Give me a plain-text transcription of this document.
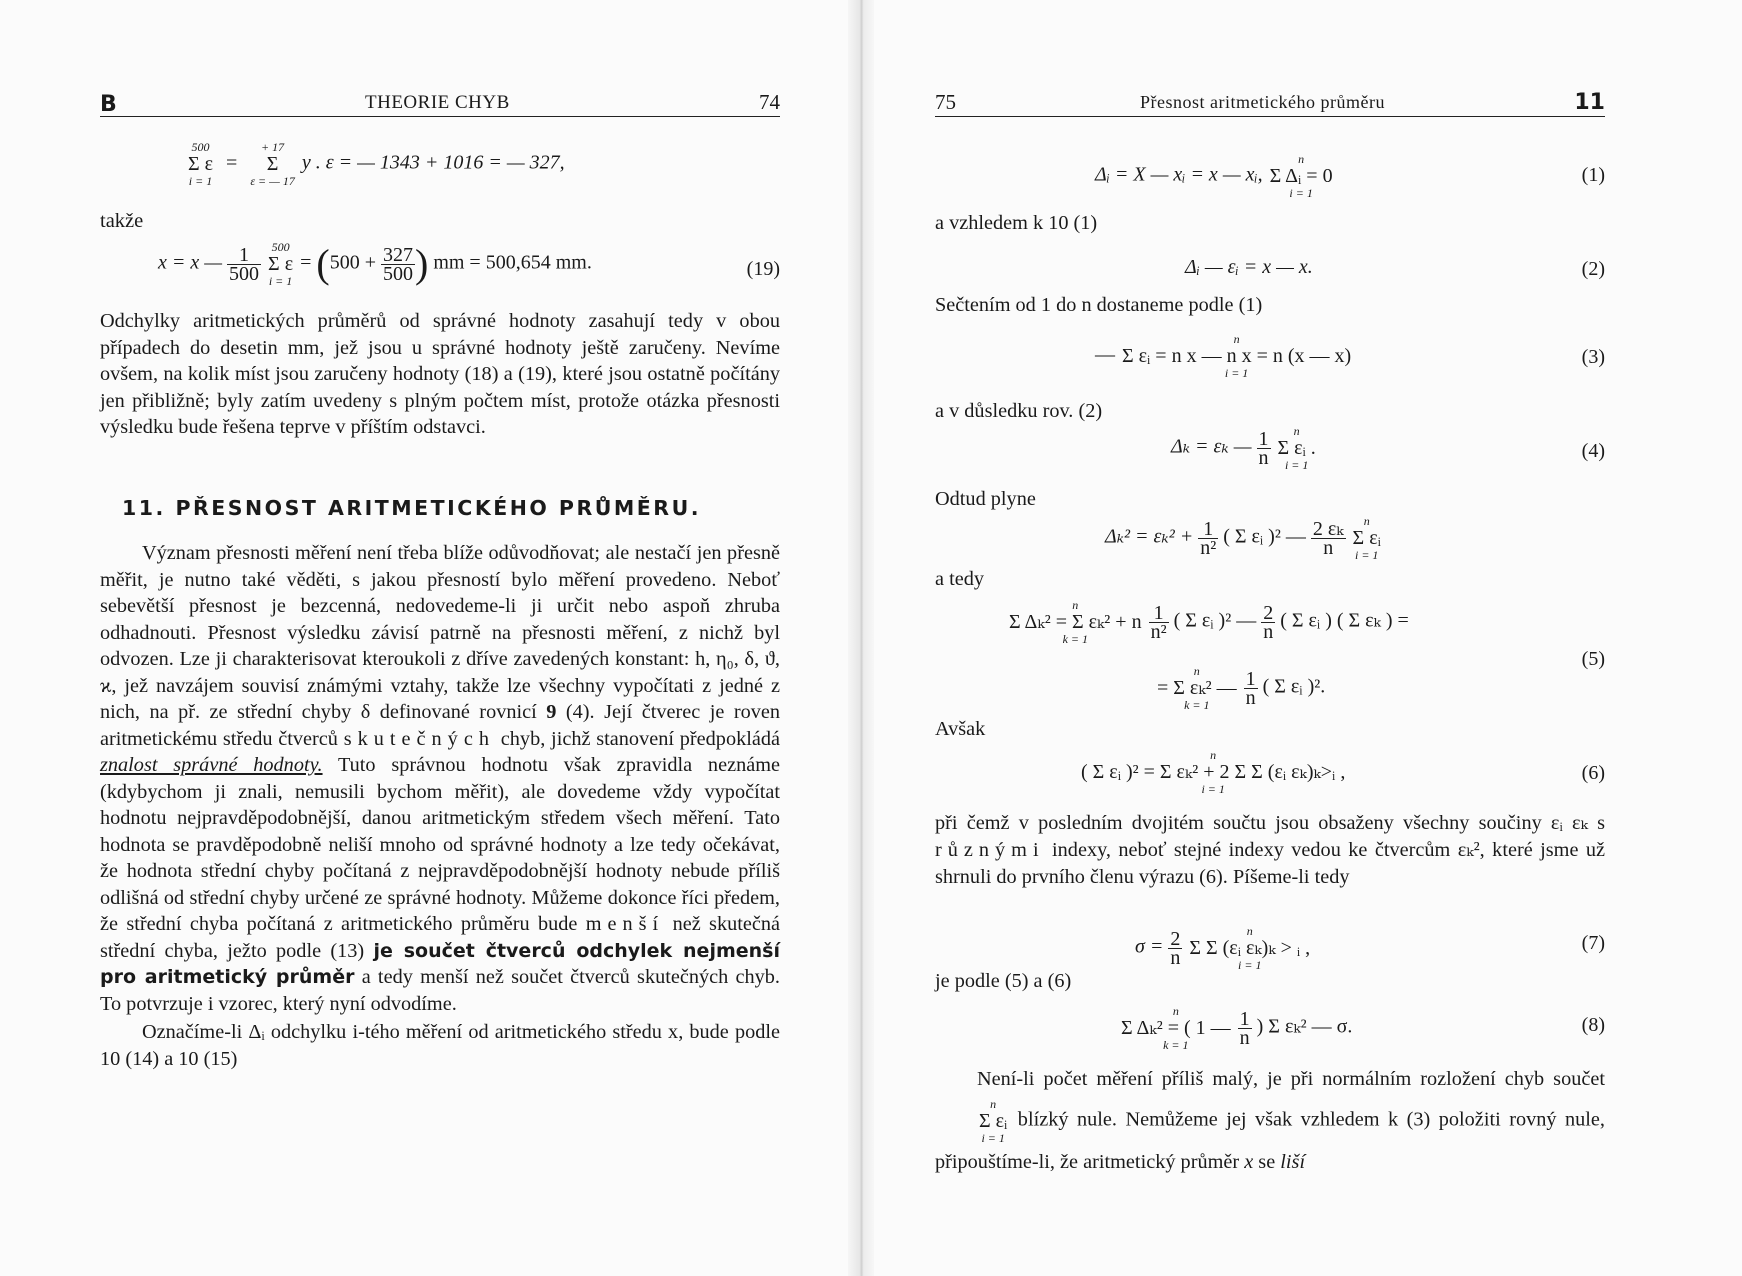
B	THEORIE CHYB	74
500
Σ ε
i = 1
=
+ 17
Σ
ε = — 17
y . ε = — 1343 + 1016 = — 327,
takže
x = x — $\frac{1}{500}$
500
Σ ε
i = 1
= ($500 + \frac{327}{500}$ ) mm = 500,654 mm.	(19)

Odchylky aritmetických průměrů od správné hodnoty zasahují tedy v obou případech do desetin mm, jež jsou u správné hodnoty ještě zaručeny. Nevíme ovšem, na kolik míst jsou zaručeny hodnoty (18) a (19), které jsou ostatně počítány jen přibližně; byly zatím uvedeny s plným počtem míst, protože otázka přesnosti výsledku bude řešena teprve v příštím odstavci.

11. PŘESNOST ARITMETICKÉHO PRŮMĚRU.

Význam přesnosti měření není třeba blíže odůvodňovat; ale nestačí jen přesně měřit, je nutno také věděti, s jakou přesností bylo měření provedeno. Neboť sebevětší přesnost je bezcenná, nedovedeme-li ji určit nebo aspoň zhruba odhadnouti. Přesnost výsledku závisí patrně na přesnosti měření, z nichž byl odvozen. Lze ji charakterisovat kteroukoli z dříve zavedených konstant: h, η₀, δ, ϑ, ϰ, jež navzájem souvisí známými vztahy, takže lze všechny vypočítati z jedné z nich, na př. ze střední chyby δ definované rovnicí 9 (4). Její čtverec je roven aritmetickému středu čtverců skutečných chyb, jichž stanovení předpokládá znalost správné hodnoty. Tuto správnou hodnotu však zpravidla neznáme (kdybychom ji znali, nemusili bychom měřit), ale dovedeme vždy vypočítat hodnotu nejpravděpodobnější, danou aritmetickým středem všech měření. Tato hodnota se pravděpodobně neliší mnoho od správné hodnoty a lze tedy očekávat, že hodnota střední chyby počítaná z nejpravděpodobnější hodnoty nebude příliš odlišná od střední chyby určené ze správné hodnoty. Můžeme dokonce říci předem, že střední chyba počítaná z aritmetického průměru bude menší než skutečná střední chyba, ježto podle (13) je součet čtverců odchylek nejmenší pro aritmetický průměr a tedy menší než součet čtverců skutečných chyb. To potvrzuje i vzorec, který nyní odvodíme.

Označíme-li Δᵢ odchylku i-tého měření od aritmetického středu x, bude podle 10 (14) a 10 (15)

75	Přesnost aritmetického průměru	11
Δᵢ = X — xᵢ = x — xᵢ,
n
Σ Δᵢ = 0
i = 1
(1)
a vzhledem k 10 (1)
Δᵢ — εᵢ = x — x.	(2)
Sečtením od 1 do n dostaneme podle (1)
—
n
Σ εᵢ = n x — n x = n (x — x)
i = 1
(3)
a v důsledku rov. (2)
Δₖ = εₖ — $\frac{1}{n}$
	n
Σ εᵢ .
i = 1
(4)
Odtud plyne
$\Delta_k^2 = \varepsilon_k^2 + \frac{1}{\text{n²}}$ ( Σ εᵢ )² — $\frac{\text{2 εₖ}}{n}$
	n
Σ εᵢ
i = 1
a tedy
n
Σ Δₖ² = Σ εₖ² + n
k = 1
	$\frac{1}{\text{n²}}$ ( Σ εᵢ )² — $\frac{2}{n}$ ( Σ εᵢ ) ( Σ εₖ ) =
n
= Σ εₖ² —
k = 1
	$\frac{1}{n}$ ( Σ εᵢ )².
(5)
Avšak
n
( Σ εᵢ )² = Σ εₖ² + 2 Σ Σ (εᵢ εₖ)ₖ>ᵢ ,
i = 1
(6)

při čemž v posledním dvojitém součtu jsou obsaženy všechny součiny εᵢ εₖ s různými indexy, neboť stejné indexy vedou ke čtvercům εₖ², které jsme už shrnuli do prvního členu výrazu (6). Píšeme-li tedy

$\sigma = \frac{2}{n}$
	n
Σ Σ (εᵢ εₖ)ₖ > ᵢ ,
i = 1
(7)
je podle (5) a (6)
n
Σ Δₖ² = ( 1 —
k = 1
	$\frac{1}{n}$ ) Σ εₖ² — σ.	(8)

Není-li počet měření příliš malý, je při normálním rozložení chyb součet
n
Σ εᵢ
i = 1
blízký nule. Nemůžeme jej však vzhledem k (3) položiti rovný nule, připouštíme-li, že aritmetický průměr x se liší
